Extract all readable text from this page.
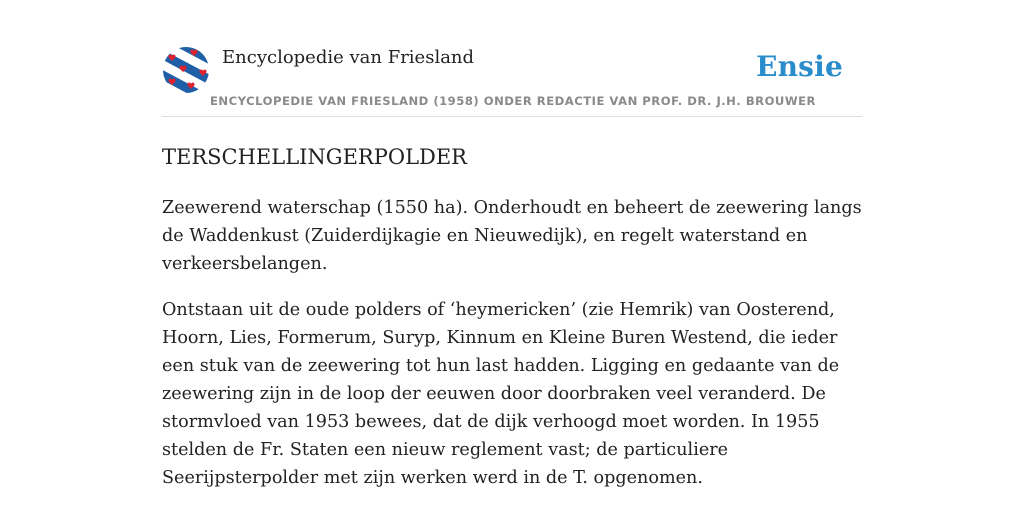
Encyclopedie van Friesland	Ensie
ENCYCLOPEDIE VAN FRIESLAND (1958) ONDER REDACTIE VAN PROF. DR. J.H. BROUWER
TERSCHELLINGERPOLDER

Zeewerend waterschap (1550 ha). Onderhoudt en beheert de zeewering langs de Waddenkust (Zuiderdijkagie en Nieuwedijk), en regelt waterstand en verkeersbelangen.

Ontstaan uit de oude polders of ‘heymericken’ (zie Hemrik) van Oosterend, Hoorn, Lies, Formerum, Suryp, Kinnum en Kleine Buren Westend, die ieder een stuk van de zeewering tot hun last hadden. Ligging en gedaante van de zeewering zijn in de loop der eeuwen door doorbraken veel veranderd. De stormvloed van 1953 bewees, dat de dijk verhoogd moet worden. In 1955 stelden de Fr. Staten een nieuw reglement vast; de particuliere Seerijpsterpolder met zijn werken werd in de T. opgenomen.
